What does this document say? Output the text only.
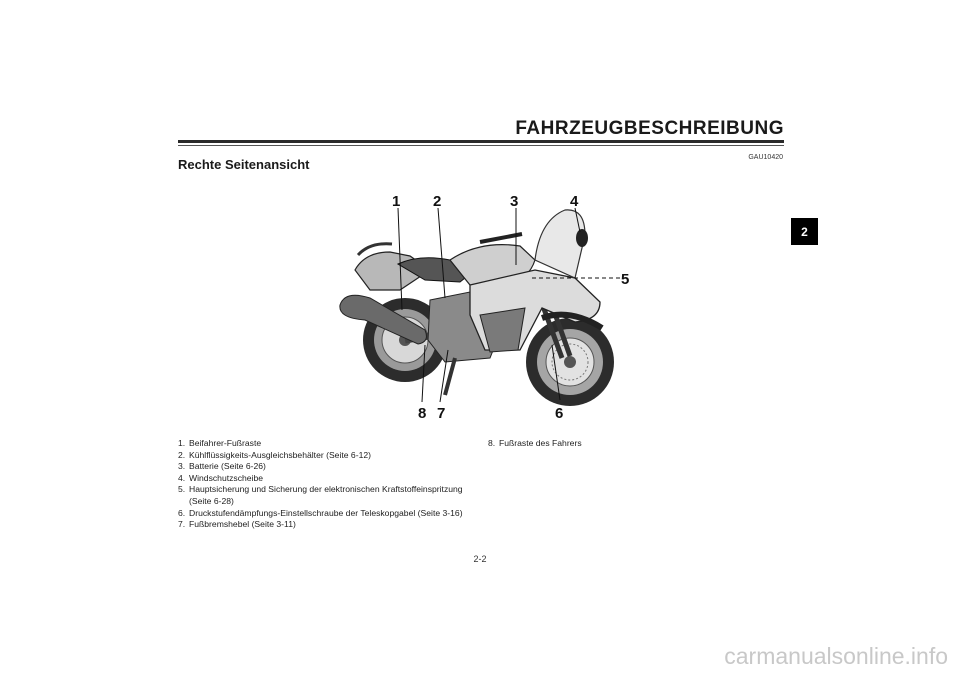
FAHRZEUGBESCHREIBUNG
GAU10420
Rechte Seitenansicht
2
1 2	3	4
5
6
7
8
1. Beifahrer-Fußraste
2. Kühlflüssigkeits-Ausgleichsbehälter (Seite 6-12)
3. Batterie (Seite 6-26)
4. Windschutzscheibe
5. Hauptsicherung und Sicherung der elektronischen Kraftstoffeinspritzung (Seite 6-28)
6. Druckstufendämpfungs-Einstellschraube der Teleskopgabel (Seite 3-16)
7. Fußbremshebel (Seite 3-11)
8. Fußraste des Fahrers
2-2
carmanualsonline.info
